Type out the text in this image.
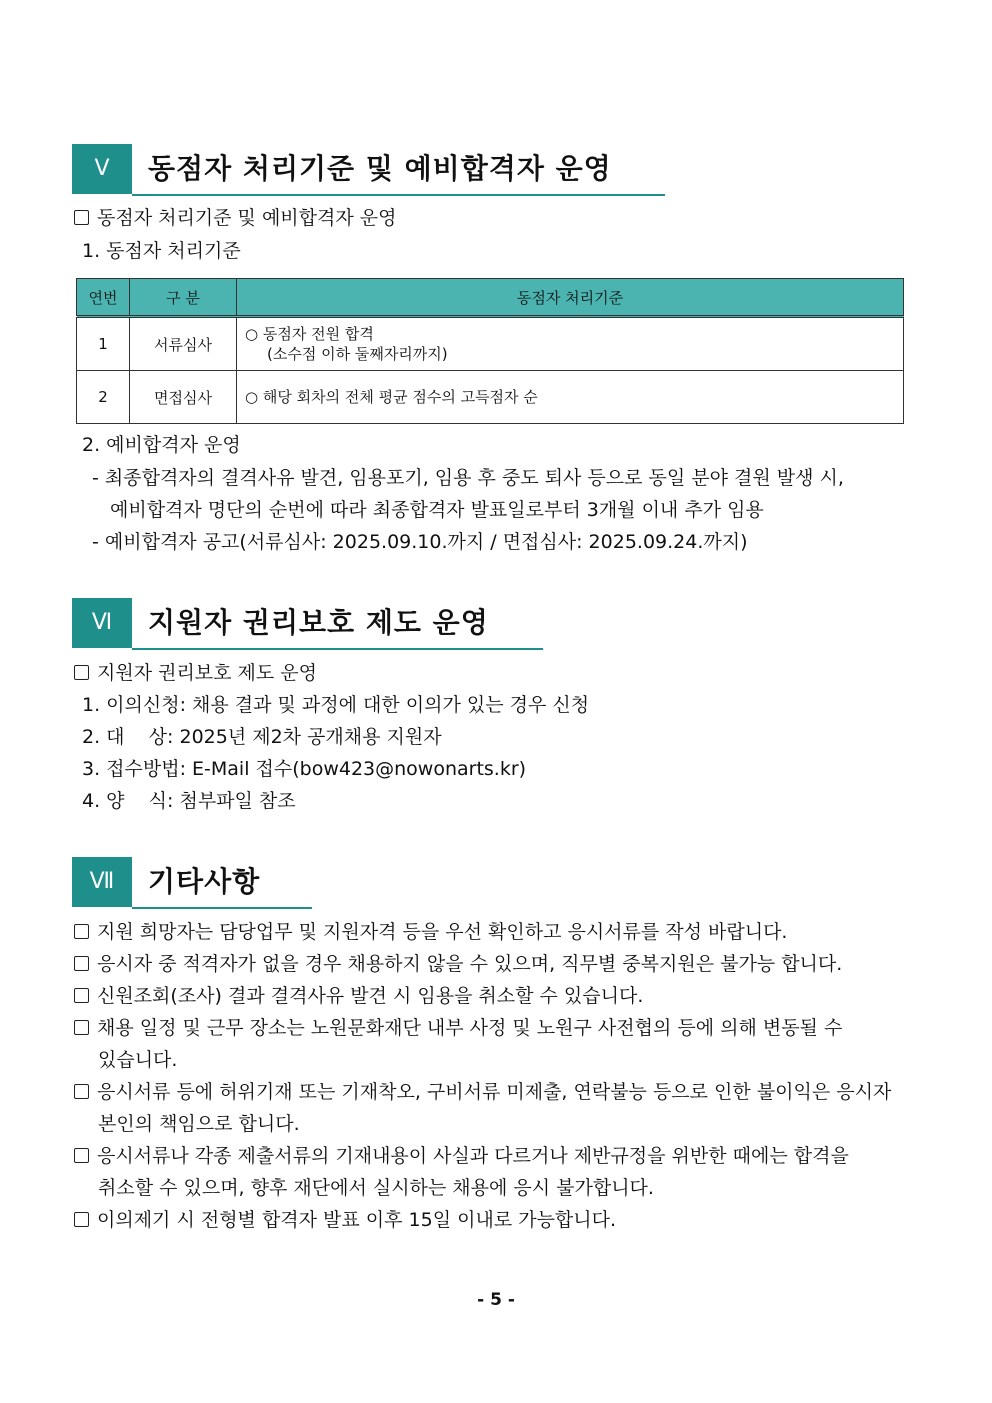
Ⅴ	동점자 처리기준 및 예비합격자 운영
동점자 처리기준 및 예비합격자 운영
1. 동점자 처리기준
연번	구 분	동점자 처리기준
1	서류심사	○ 동점자 전원 합격
(소수점 이하 둘째자리까지)

2	면접심사	○ 해당 회차의 전체 평균 점수의 고득점자 순
2. 예비합격자 운영
- 최종합격자의 결격사유 발견, 임용포기, 임용 후 중도 퇴사 등으로 동일 분야 결원 발생 시,
예비합격자 명단의 순번에 따라 최종합격자 발표일로부터 3개월 이내 추가 임용
- 예비합격자 공고(서류심사: 2025.09.10.까지 / 면접심사: 2025.09.24.까지)
Ⅵ	지원자 권리보호 제도 운영
지원자 권리보호 제도 운영
1. 이의신청: 채용 결과 및 과정에 대한 이의가 있는 경우 신청
2. 대    상: 2025년 제2차 공개채용 지원자
3. 접수방법: E-Mail 접수(bow423@nowonarts.kr)
4. 양    식: 첨부파일 참조
Ⅶ	기타사항
지원 희망자는 담당업무 및 지원자격 등을 우선 확인하고 응시서류를 작성 바랍니다.
응시자 중 적격자가 없을 경우 채용하지 않을 수 있으며, 직무별 중복지원은 불가능 합니다.
신원조회(조사) 결과 결격사유 발견 시 임용을 취소할 수 있습니다.
채용 일정 및 근무 장소는 노원문화재단 내부 사정 및 노원구 사전협의 등에 의해 변동될 수
있습니다.
응시서류 등에 허위기재 또는 기재착오, 구비서류 미제출, 연락불능 등으로 인한 불이익은 응시자
본인의 책임으로 합니다.
응시서류나 각종 제출서류의 기재내용이 사실과 다르거나 제반규정을 위반한 때에는 합격을
취소할 수 있으며, 향후 재단에서 실시하는 채용에 응시 불가합니다.
이의제기 시 전형별 합격자 발표 이후 15일 이내로 가능합니다.
- 5 -
